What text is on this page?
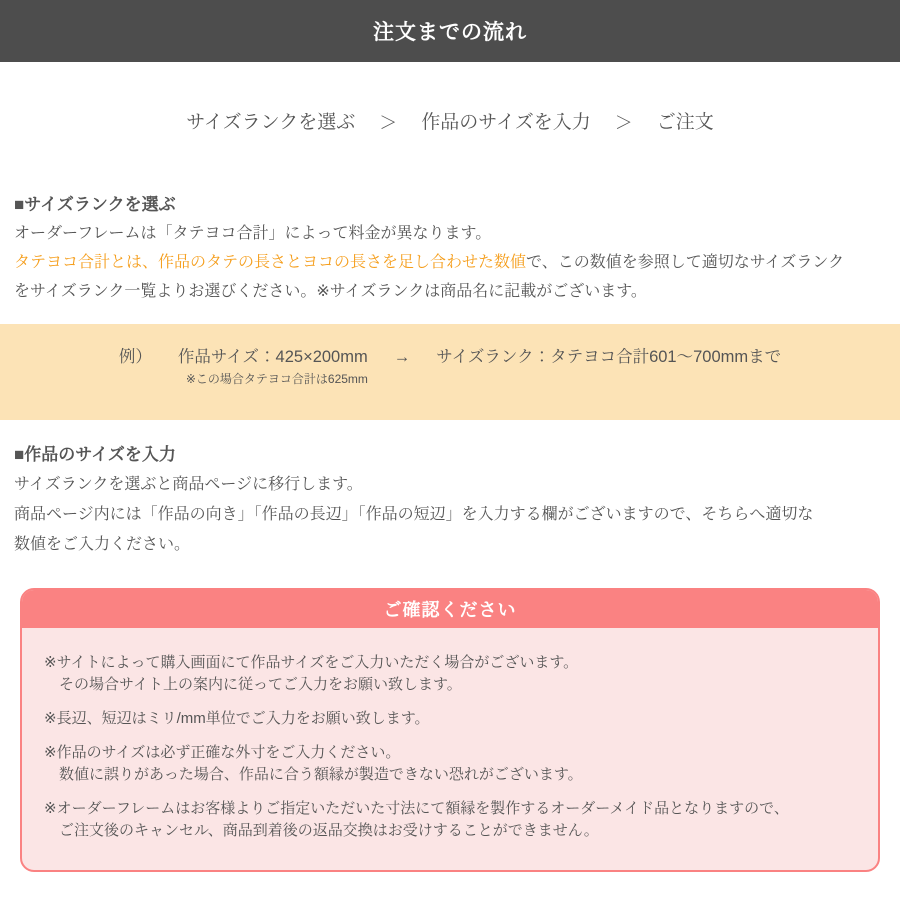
注文までの流れ
サイズランクを選ぶ ＞ 作品のサイズを入力 ＞ ご注文
■サイズランクを選ぶ

オーダーフレームは「タテヨコ合計」によって料金が異なります。

タテヨコ合計とは、作品のタテの長さとヨコの長さを足し合わせた数値で、この数値を参照して適切なサイズランク

をサイズランク一覧よりお選びください。※サイズランクは商品名に記載がございます。

例） 作品サイズ：425×200mm → サイズランク：タテヨコ合計601〜700mmまで
※この場合タテヨコ合計は625mm
■作品のサイズを入力

サイズランクを選ぶと商品ページに移行します。

商品ページ内には「作品の向き」「作品の長辺」「作品の短辺」を入力する欄がございますので、そちらへ適切な

数値をご入力ください。

ご確認ください

※サイトによって購入画面にて作品サイズをご入力いただく場合がございます。

その場合サイト上の案内に従ってご入力をお願い致します。

※長辺、短辺はミリ/mm単位でご入力をお願い致します。

※作品のサイズは必ず正確な外寸をご入力ください。

数値に誤りがあった場合、作品に合う額縁が製造できない恐れがございます。

※オーダーフレームはお客様よりご指定いただいた寸法にて額縁を製作するオーダーメイド品となりますので、

ご注文後のキャンセル、商品到着後の返品交換はお受けすることができません。
